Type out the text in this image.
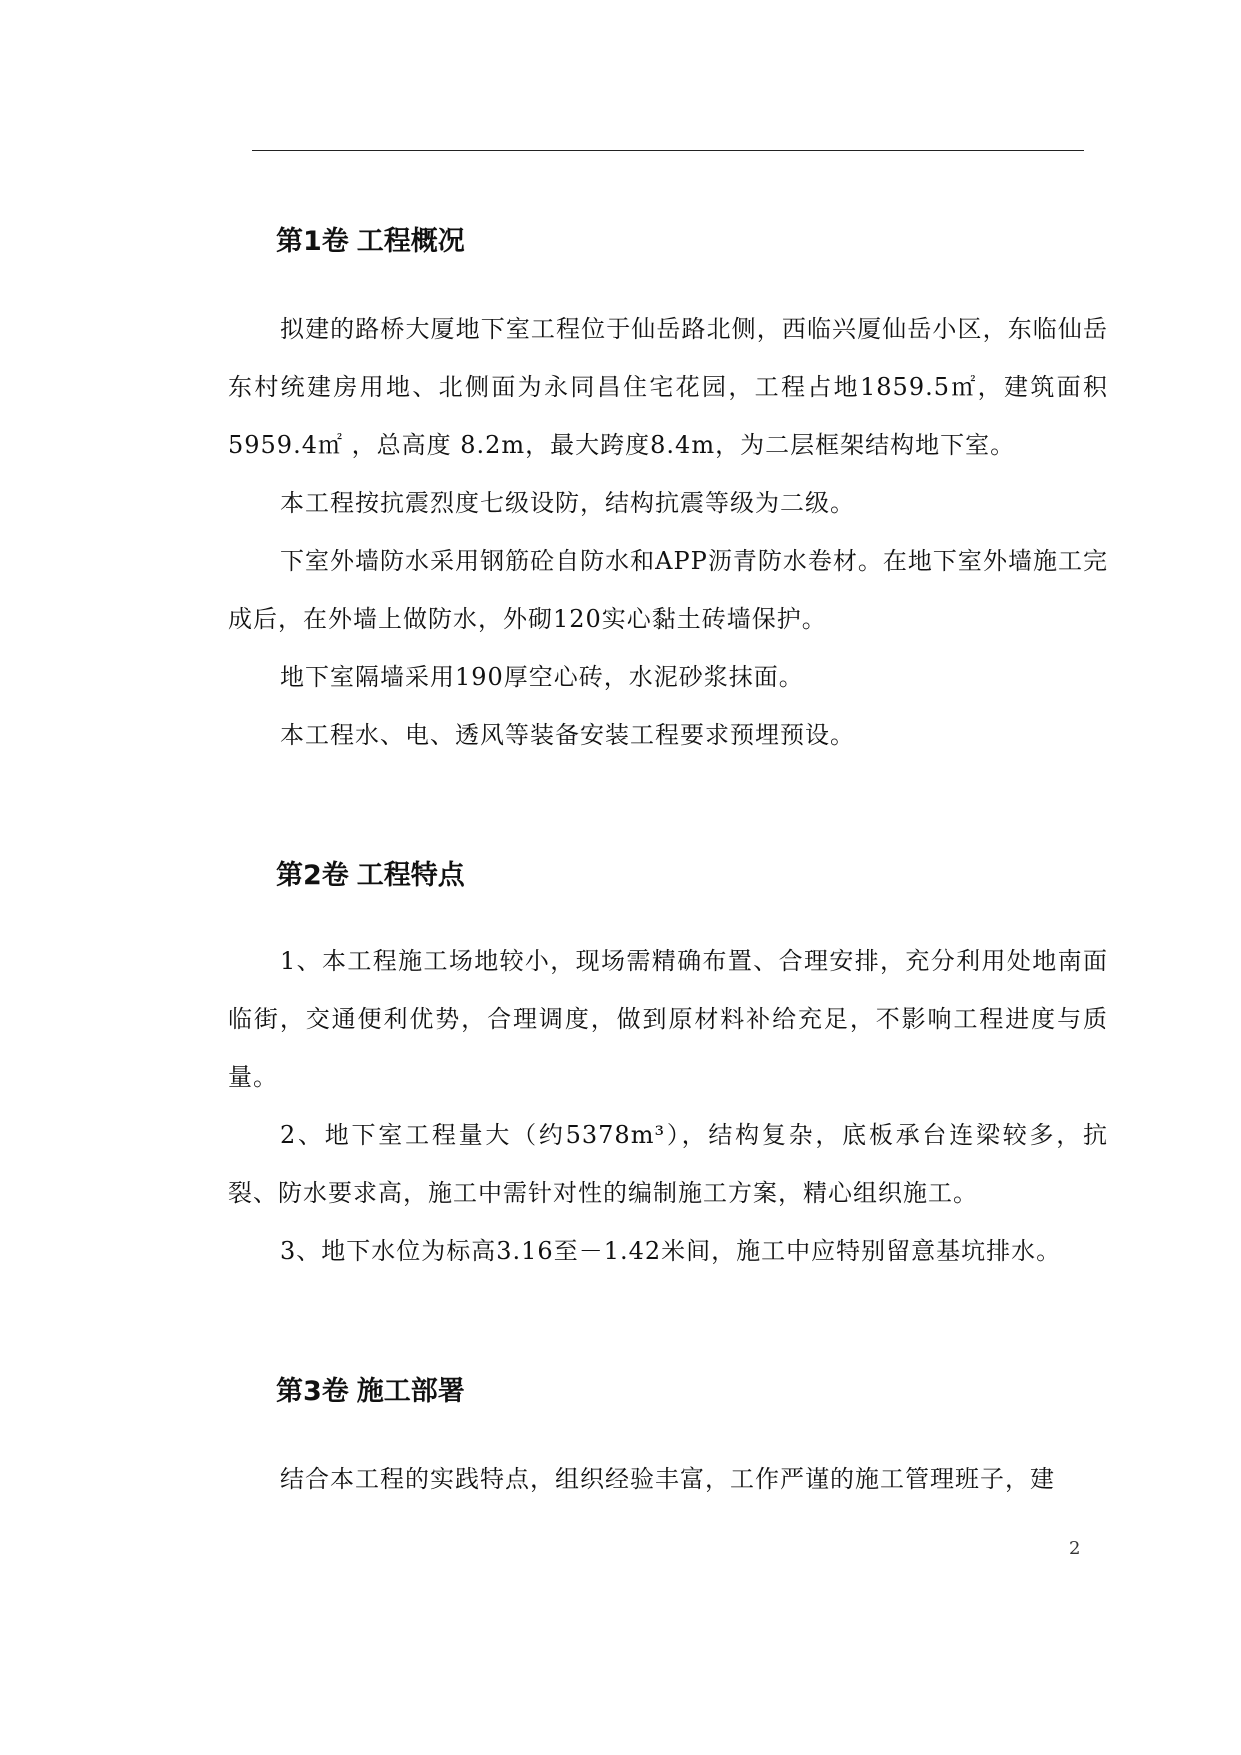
第1卷 工程概况

拟建的路桥大厦地下室工程位于仙岳路北侧，西临兴厦仙岳小区，东临仙岳东村统建房用地、北侧面为永同昌住宅花园，工程占地1859.5㎡，建筑面积 5959.4㎡ ，总高度 8.2m，最大跨度8.4m，为二层框架结构地下室。

本工程按抗震烈度七级设防，结构抗震等级为二级。

下室外墙防水采用钢筋砼自防水和APP沥青防水卷材。在地下室外墙施工完成后，在外墙上做防水，外砌120实心黏土砖墙保护。

地下室隔墙采用190厚空心砖，水泥砂浆抹面。

本工程水、电、透风等装备安装工程要求预埋预设。

第2卷 工程特点

1、本工程施工场地较小，现场需精确布置、合理安排，充分利用处地南面临街，交通便利优势，合理调度，做到原材料补给充足，不影响工程进度与质量。

2、地下室工程量大（约5378m³），结构复杂，底板承台连梁较多，抗裂、防水要求高，施工中需针对性的编制施工方案，精心组织施工。

3、地下水位为标高3.16至－1.42米间，施工中应特别留意基坑排水。

第3卷 施工部署

结合本工程的实践特点，组织经验丰富，工作严谨的施工管理班子，建

2
